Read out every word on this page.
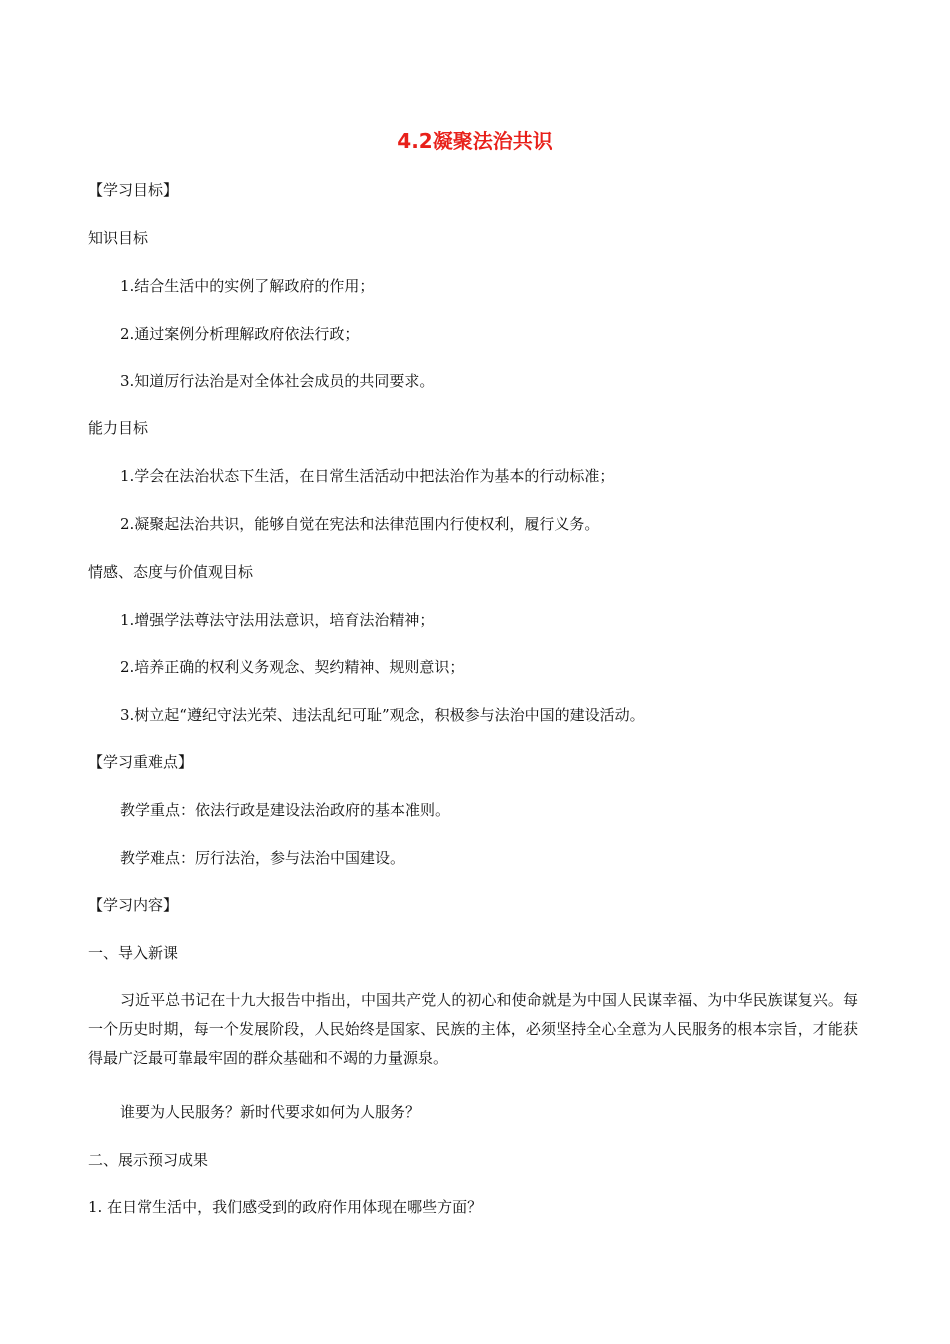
4.2凝聚法治共识
【学习目标】
知识目标
1.结合生活中的实例了解政府的作用；
2.通过案例分析理解政府依法行政；
3.知道厉行法治是对全体社会成员的共同要求。
能力目标
1.学会在法治状态下生活，在日常生活活动中把法治作为基本的行动标准；
2.凝聚起法治共识，能够自觉在宪法和法律范围内行使权利，履行义务。
情感、态度与价值观目标
1.增强学法尊法守法用法意识，培育法治精神；
2.培养正确的权利义务观念、契约精神、规则意识；
3.树立起“遵纪守法光荣、违法乱纪可耻”观念，积极参与法治中国的建设活动。
【学习重难点】
教学重点：依法行政是建设法治政府的基本准则。
教学难点：厉行法治，参与法治中国建设。
【学习内容】
一、导入新课
习近平总书记在十九大报告中指出，中国共产党人的初心和使命就是为中国人民谋幸福、为中华民族谋复兴。每一个历史时期，每一个发展阶段，人民始终是国家、民族的主体，必须坚持全心全意为人民服务的根本宗旨，才能获得最广泛最可靠最牢固的群众基础和不竭的力量源泉。
谁要为人民服务？新时代要求如何为人服务？
二、展示预习成果
1. 在日常生活中，我们感受到的政府作用体现在哪些方面？
